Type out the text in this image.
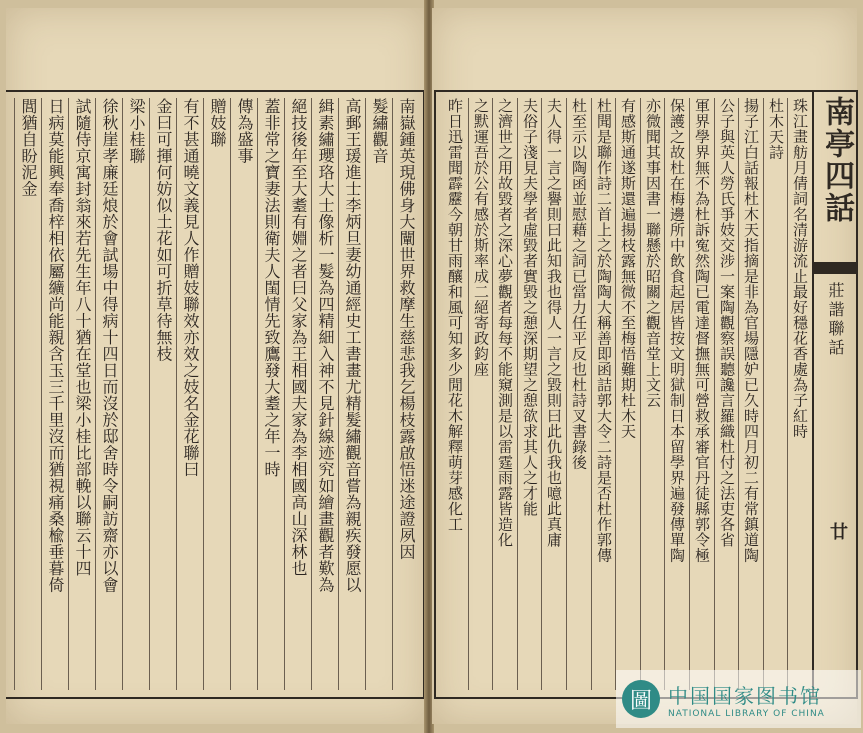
南嶽鍾英現佛身大闡世界救摩生慈悲我乞楊枝露啟悟迷途證夙因
髮繡觀音
高郵王瑗進士李炳旦妻幼通經史工書畫尤精髮繡觀音嘗為親疾發愿以
緝素繡瓔珞大士像析一髮為四精細入神不見針線迹究如繪畫觀者歎為
絕技後年至大耋有婣之者曰父家為王相國夫家為李相國高山深林也
蓋非常之寶妻法則衛夫人閨情先致鷹發大耋之年一時
傳為盛事
贈妓聯
有不甚通曉文義見人作贈妓聯效亦效之妓名金花聯曰
金曰可揮何妨似土花如可折草待無枝
梁小桂聯
徐秋崖孝廉廷烺於會試場中得病十四日而沒於邸舍時令嗣訪齋亦以會
試隨侍京寓封翁來若先生年八十猶在堂也梁小桂比部輓以聯云十四
日病莫能興奉喬梓相依屬纊尚能親含玉三千里沒而猶視痛桑楡垂暮倚
閭猶自盼泥金	南亭四話
莊諧聯話
廿
珠江畫舫月倩詞名清游流止最好穩花香處為子紅時
杜木天詩
揚子江白話報杜木天指摘是非為官場隱妒已久時四月初二有常鎮道陶
公子與英人勞氏爭妓交涉一案陶觀察誤聽讒言羅織杜付之法吏各省
軍界學界無不為杜訴寃然陶已電達督撫無可營救承審官丹徒縣郭令極
保護之故杜在梅邊所中飲食起居皆按文明獄制日本留學界遍發傳單陶
亦微聞其事因書一聯懸於昭關之觀音堂上文云
有感斯通遂斯還遍揚枝露無微不至梅悟難期杜木天
杜聞是聯作詩二首上之於陶陶大稱善即函詰郭大令二詩是否杜作郭傳
杜至示以陶函並慰藉之詞已當力任平反也杜詩叉書錄後
夫人得一言之譽則曰此知我也得人一言之毀則曰此仇我也噫此真庸
夫俗子淺見夫學者虛毀者實毀之憩深期望之憩欲求其人之才能
之濟世之用故毀者之深心夢觀者每每不能窺測是以雷霆雨露皆造化
之默運吾於公有感於斯率成二絕寄政鈞座
昨日迅雷聞霹靂今朝甘雨釀和風可知多少閒花木解釋萌芽感化工
圖 中国国家图书馆
NATIONAL LIBRARY OF CHINA
